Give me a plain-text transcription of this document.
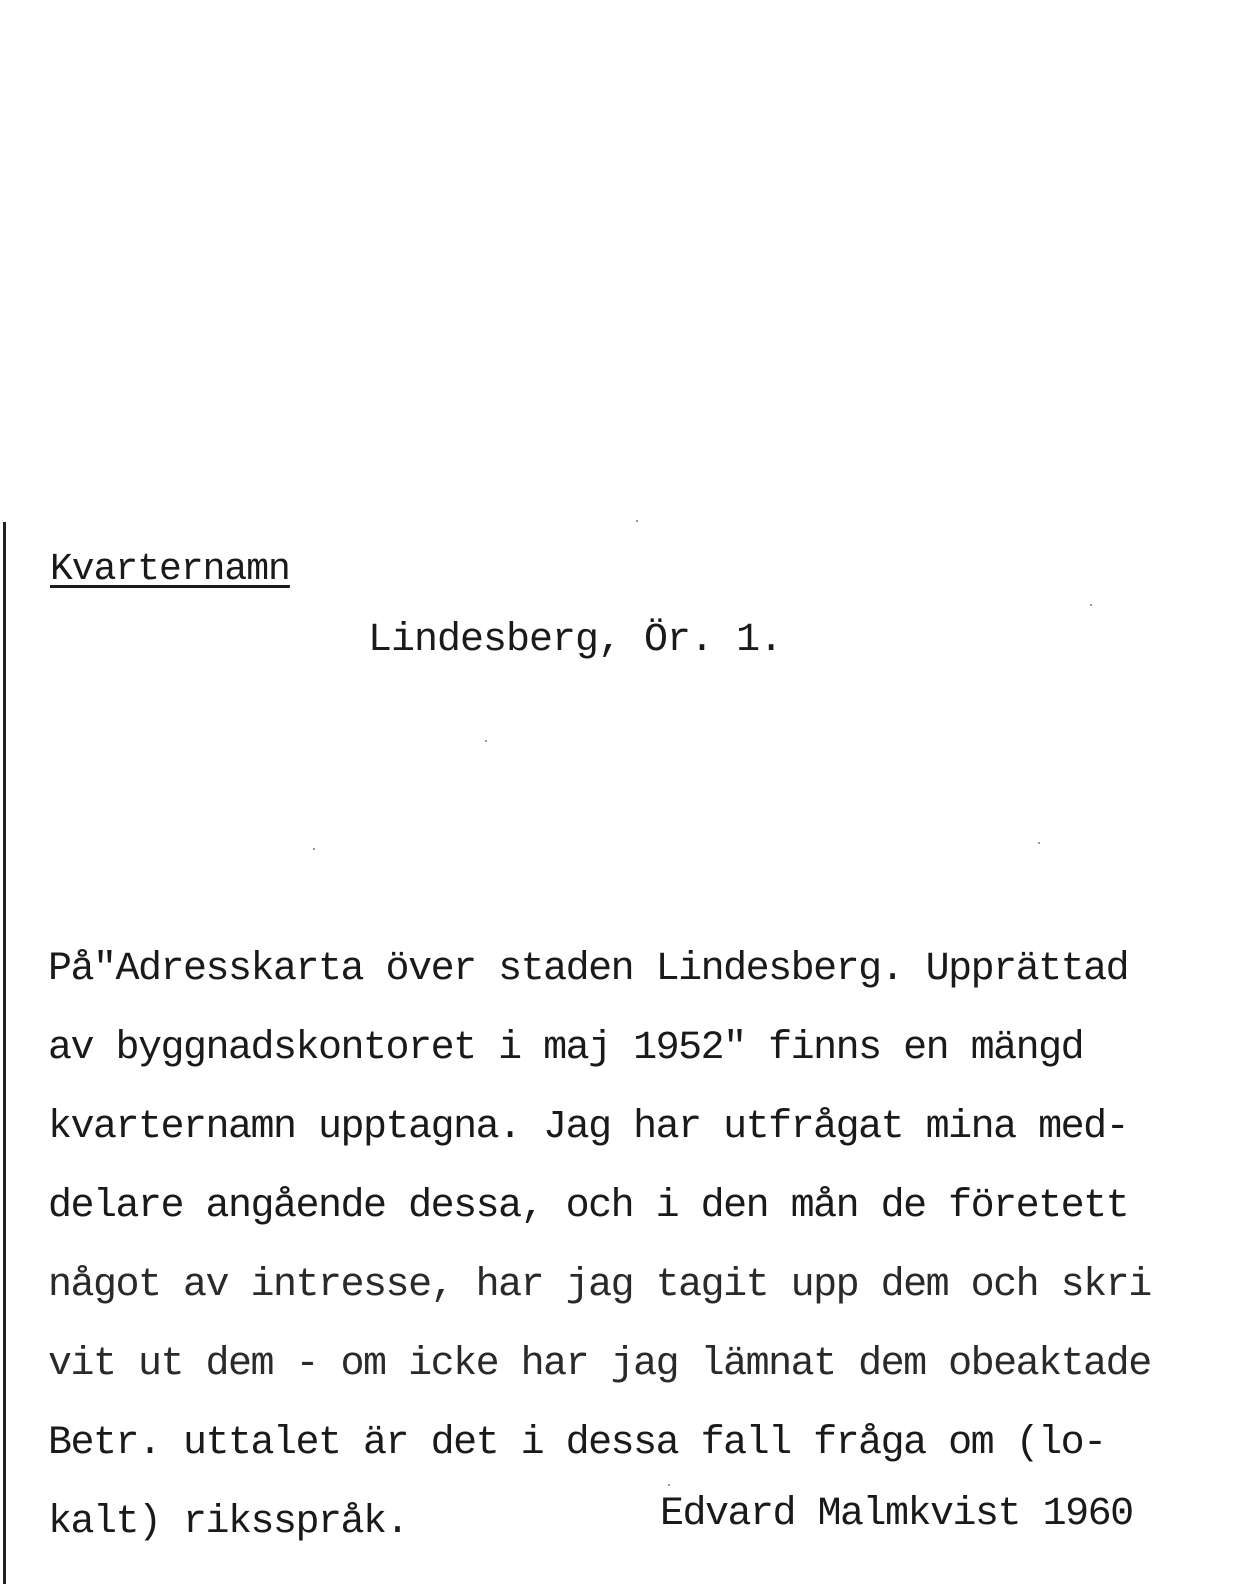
Kvarternamn
Lindesberg, Ör. 1.
På"Adresskarta över staden Lindesberg. Upprättad
av byggnadskontoret i maj 1952" finns en mängd
kvarternamn upptagna. Jag har utfrågat mina med-
delare angående dessa, och i den mån de företett
något av intresse, har jag tagit upp dem och skri
vit ut dem - om icke har jag lämnat dem obeaktade
Betr. uttalet är det i dessa fall fråga om (lo-
kalt) riksspråk.	Edvard Malmkvist 1960
